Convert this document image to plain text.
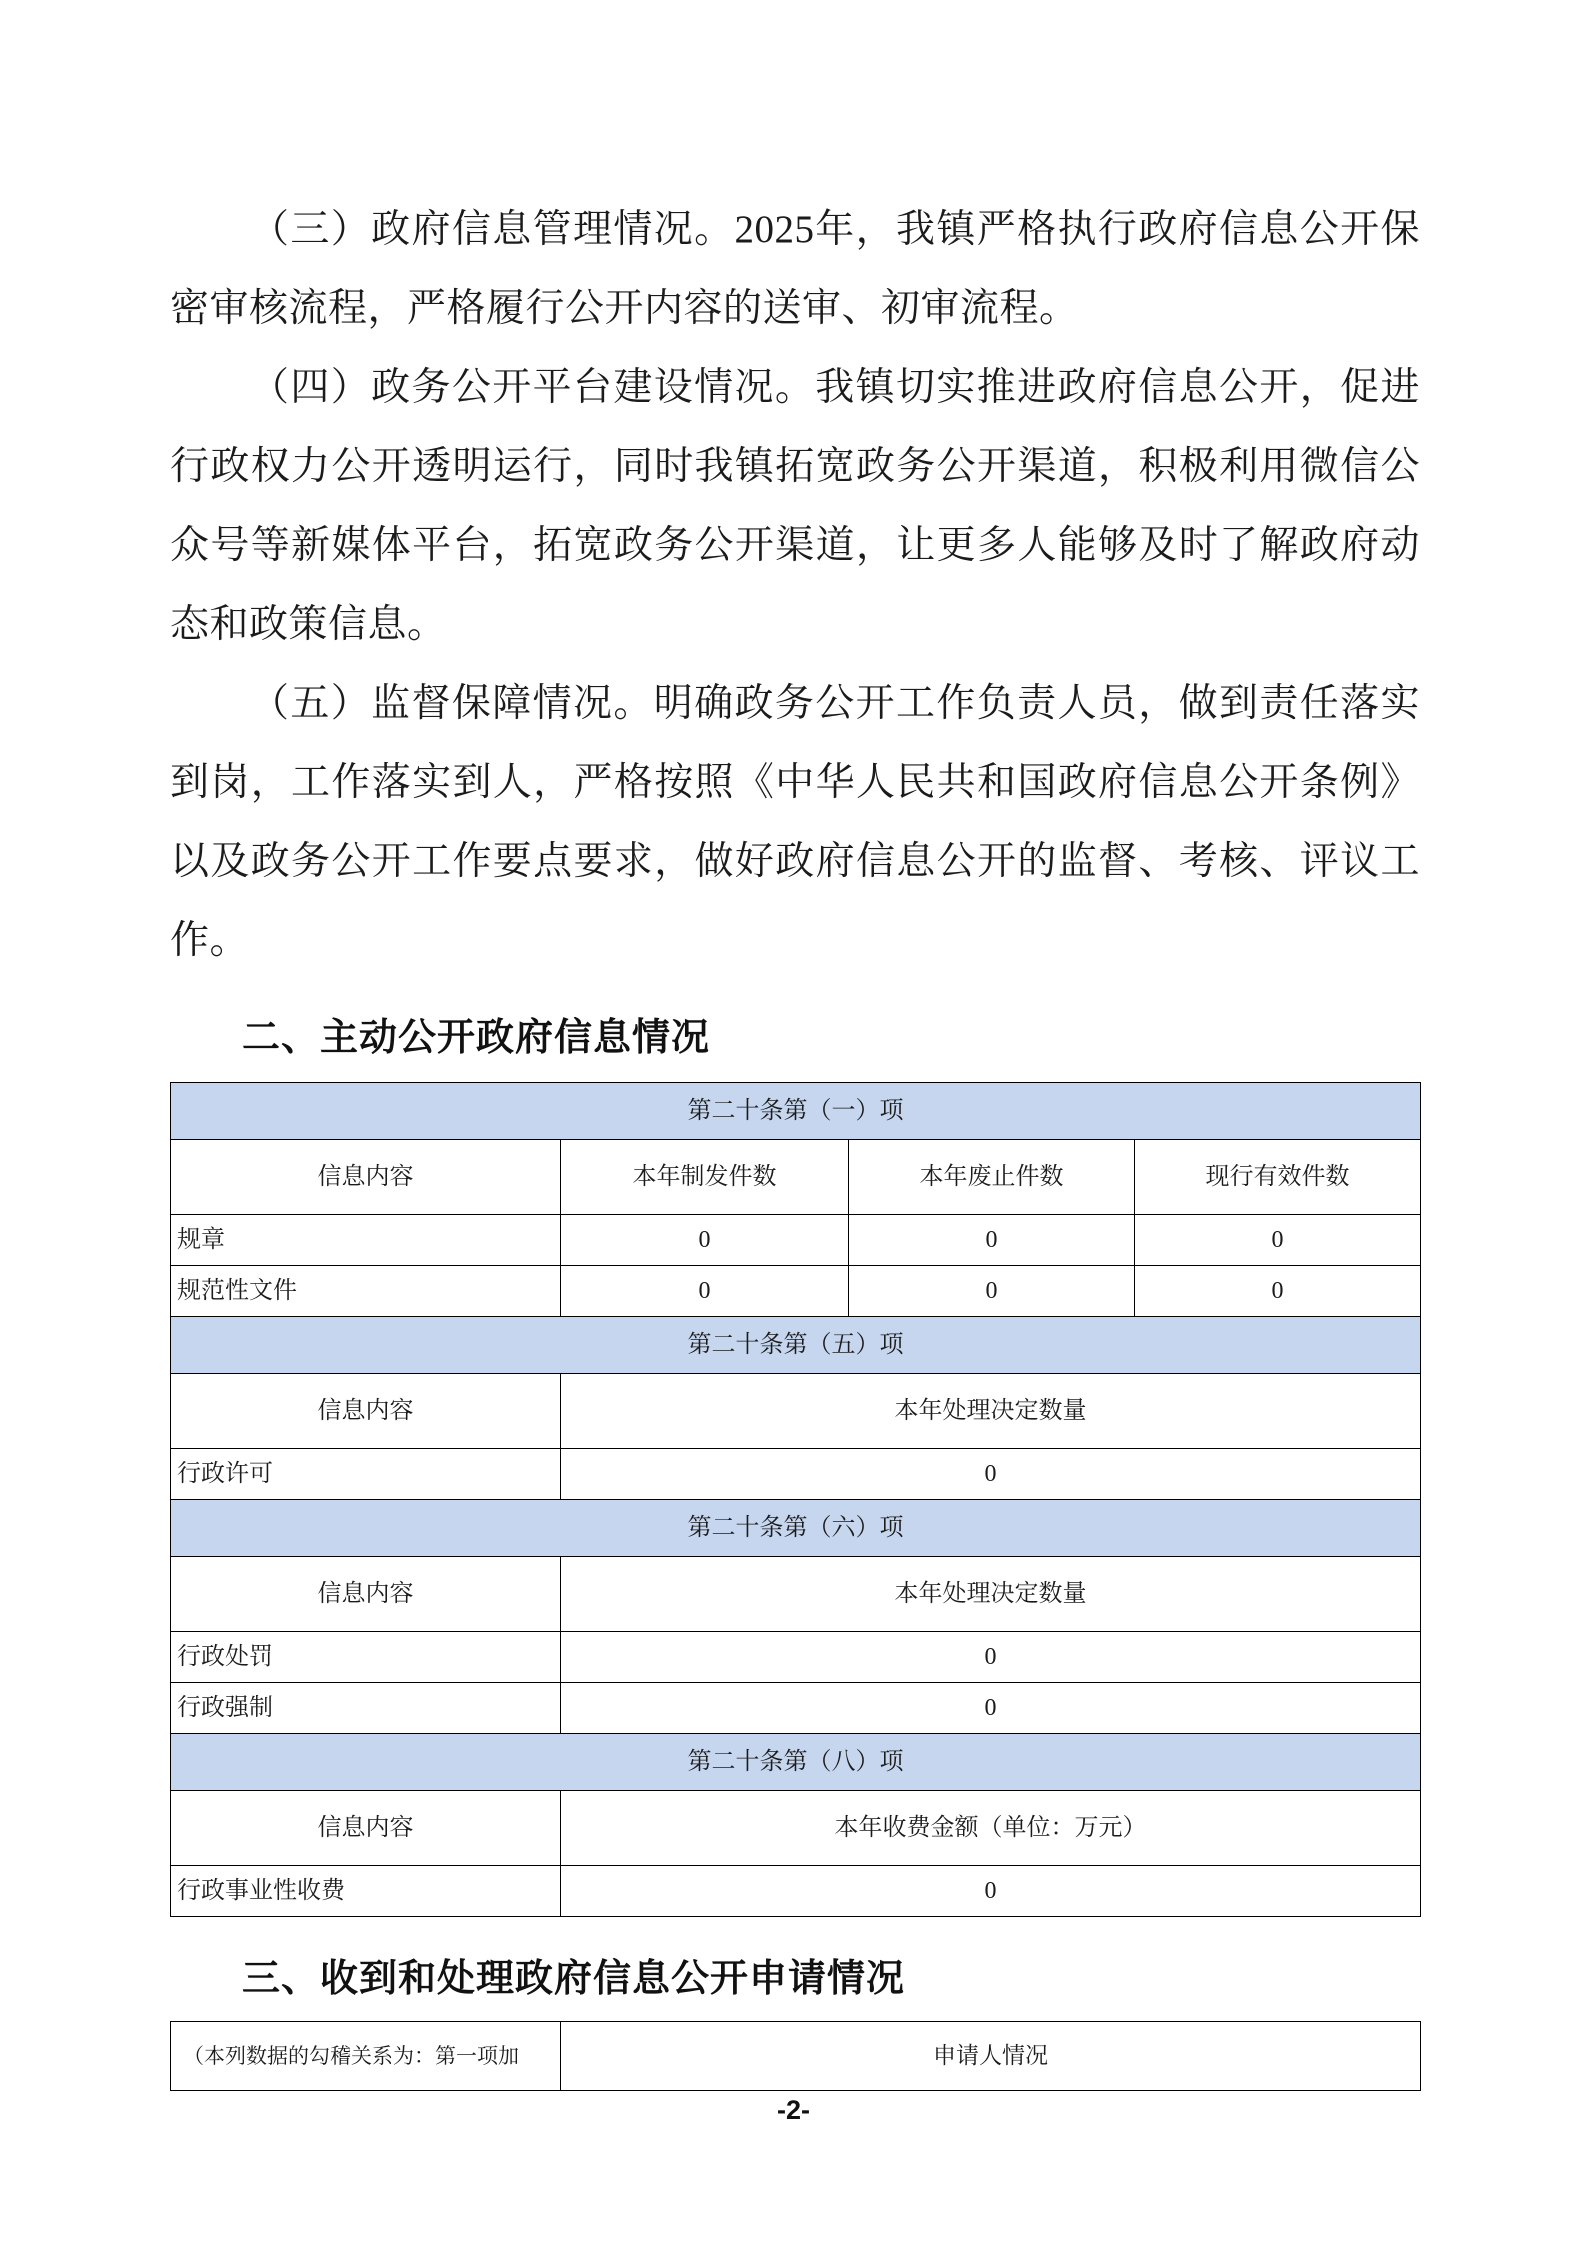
（三）政府信息管理情况。2025年，我镇严格执行政府信息公开保密审核流程，严格履行公开内容的送审、初审流程。

（四）政务公开平台建设情况。我镇切实推进政府信息公开，促进行政权力公开透明运行，同时我镇拓宽政务公开渠道，积极利用微信公众号等新媒体平台，拓宽政务公开渠道，让更多人能够及时了解政府动态和政策信息。

（五）监督保障情况。明确政务公开工作负责人员，做到责任落实到岗，工作落实到人，严格按照《中华人民共和国政府信息公开条例》以及政务公开工作要点要求，做好政府信息公开的监督、考核、评议工作。

二、主动公开政府信息情况
第二十条第（一）项			
信息内容	本年制发件数	本年废止件数	现行有效件数
规章	0	0	0
规范性文件	0	0	0
第二十条第（五）项			
信息内容	本年处理决定数量		
行政许可	0		
第二十条第（六）项			
信息内容	本年处理决定数量		
行政处罚	0		
行政强制	0		
第二十条第（八）项			
信息内容	本年收费金额（单位：万元）		
行政事业性收费	0		
三、收到和处理政府信息公开申请情况
（本列数据的勾稽关系为：第一项加	申请人情况
-2-
